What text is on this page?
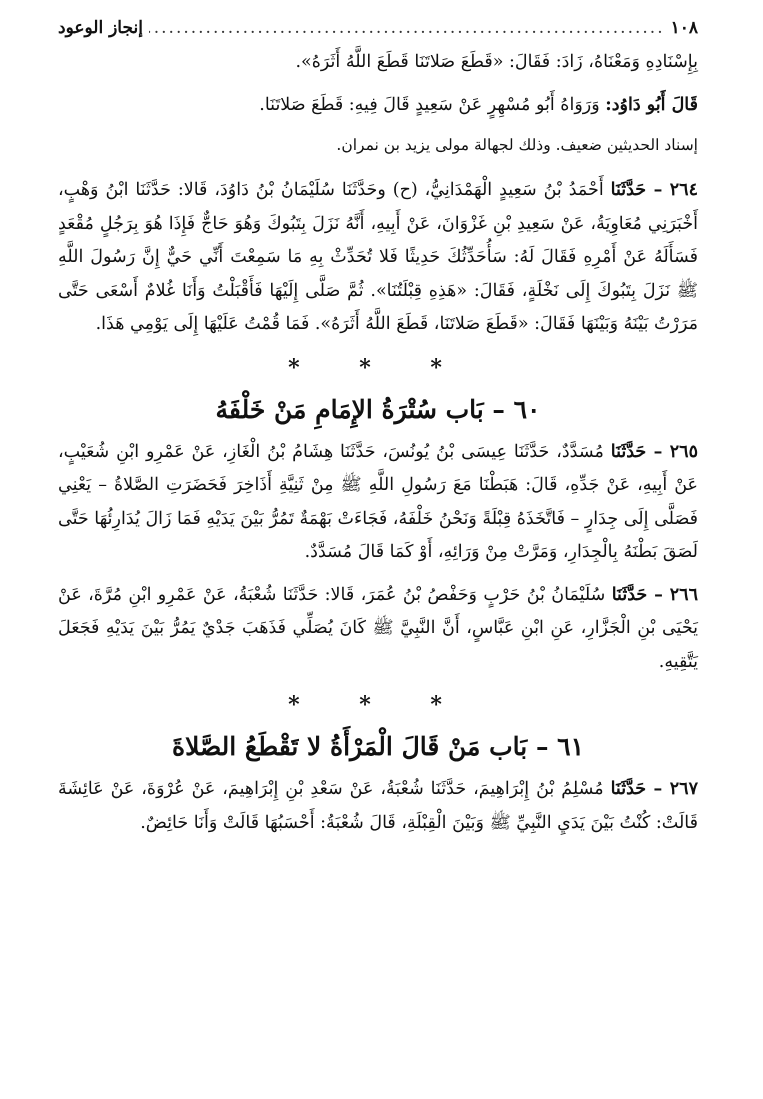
١٠٨
.....
إنجاز الوعود

بِإِسْنَادِهِ وَمَعْنَاهُ، زَادَ: فَقَالَ: «قَطَعَ صَلاتَنَا قَطَعَ اللَّهُ أَثَرَهُ».

قَالَ أَبُو دَاوُد: وَرَوَاهُ أَبُو مُسْهِرٍ عَنْ سَعِيدٍ قَالَ فِيهِ: قَطَعَ صَلاتَنَا.

إسناد الحديثين ضعيف. وذلك لجهالة مولى يزيد بن نمران.

٢٦٤ – حَدَّثَنَا أَحْمَدُ بْنُ سَعِيدٍ الْهَمْدَانِيُّ، (ح) وحَدَّثَنَا سُلَيْمَانُ بْنُ دَاوُدَ، قَالا: حَدَّثَنَا ابْنُ وَهْبٍ، أَخْبَرَنِي مُعَاوِيَةُ، عَنْ سَعِيدِ بْنِ غَزْوَانَ، عَنْ أَبِيهِ، أَنَّهُ نَزَلَ بِتَبُوكَ وَهُوَ حَاجٌّ فَإِذَا هُوَ بِرَجُلٍ مُقْعَدٍ فَسَأَلَهُ عَنْ أَمْرِهِ فَقَالَ لَهُ: سَأُحَدِّثُكَ حَدِيثًا فَلا تُحَدِّثْ بِهِ مَا سَمِعْتَ أَنِّي حَيٌّ إِنَّ رَسُولَ اللَّهِ ﷺ نَزَلَ بِتَبُوكَ إِلَى نَخْلَةٍ، فَقَالَ: «هَذِهِ قِبْلَتُنَا». ثُمَّ صَلَّى إِلَيْهَا فَأَقْبَلْتُ وَأَنَا غُلامٌ أَسْعَى حَتَّى مَرَرْتُ بَيْنَهُ وَبَيْنَهَا فَقَالَ: «قَطَعَ صَلاتَنَا، قَطَعَ اللَّهُ أَثَرَهُ». فَمَا قُمْتُ عَلَيْهَا إِلَى يَوْمِي هَذَا.

* * *
٦٠ – بَاب سُتْرَةُ الإِمَامِ مَنْ خَلْفَهُ

٢٦٥ – حَدَّثَنَا مُسَدَّدٌ، حَدَّثَنَا عِيسَى بْنُ يُونُسَ، حَدَّثَنَا هِشَامُ بْنُ الْغَازِ، عَنْ عَمْرِو ابْنِ شُعَيْبٍ، عَنْ أَبِيهِ، عَنْ جَدِّهِ، قَالَ: هَبَطْنَا مَعَ رَسُولِ اللَّهِ ﷺ مِنْ ثَنِيَّةِ أَذَاخِرَ فَحَضَرَتِ الصَّلاةُ – يَعْنِي فَصَلَّى إِلَى جِدَارٍ – فَاتَّخَذَهُ قِبْلَةً وَنَحْنُ خَلْفَهُ، فَجَاءَتْ بَهْمَةٌ تَمُرُّ بَيْنَ يَدَيْهِ فَمَا زَالَ يُدَارِئُهَا حَتَّى لَصَقَ بَطْنَهُ بِالْجِدَارِ، وَمَرَّتْ مِنْ وَرَائِهِ، أَوْ كَمَا قَالَ مُسَدَّدٌ.

٢٦٦ – حَدَّثَنَا سُلَيْمَانُ بْنُ حَرْبٍ وَحَفْصُ بْنُ عُمَرَ، قَالا: حَدَّثَنَا شُعْبَةُ، عَنْ عَمْرِو ابْنِ مُرَّةَ، عَنْ يَحْيَى بْنِ الْجَزَّارِ، عَنِ ابْنِ عَبَّاسٍ، أَنَّ النَّبِيَّ ﷺ كَانَ يُصَلِّي فَذَهَبَ جَدْيٌ يَمُرُّ بَيْنَ يَدَيْهِ فَجَعَلَ يَتَّقِيهِ.

* * *
٦١ – بَاب مَنْ قَالَ الْمَرْأَةُ لا تَقْطَعُ الصَّلاةَ

٢٦٧ – حَدَّثَنَا مُسْلِمُ بْنُ إِبْرَاهِيمَ، حَدَّثَنَا شُعْبَةُ، عَنْ سَعْدِ بْنِ إِبْرَاهِيمَ، عَنْ عُرْوَةَ، عَنْ عَائِشَةَ قَالَتْ: كُنْتُ بَيْنَ يَدَيِ النَّبِيِّ ﷺ وَبَيْنَ الْقِبْلَةِ، قَالَ شُعْبَةُ: أَحْسَبُهَا قَالَتْ وَأَنَا حَائِضٌ.
